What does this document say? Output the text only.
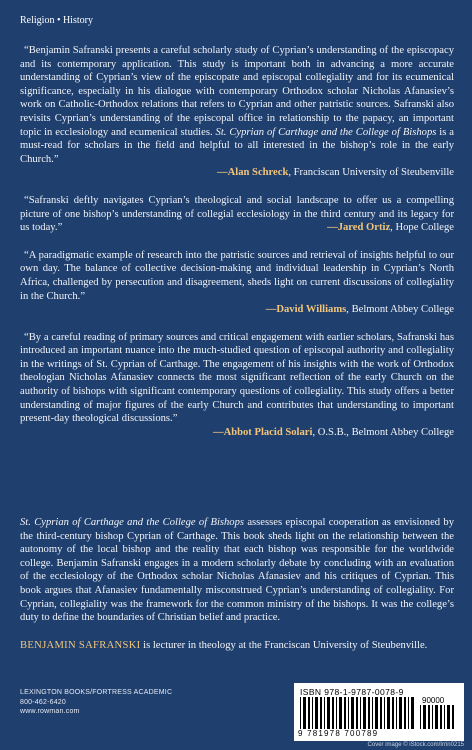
Religion • History

“Benjamin Safranski presents a careful scholarly study of Cyprian’s understanding of the episcopacy and its contemporary application. This study is important both in advancing a more accurate understanding of Cyprian’s view of the episcopate and episcopal collegiality and for its ecumenical significance, especially in his dialogue with contemporary Orthodox scholar Nicholas Afanasiev’s work on Catholic-Orthodox relations that refers to Cyprian and other patristic sources. Safranski also revisits Cyprian’s understanding of the episcopal office in relationship to the papacy, an important topic in ecclesiology and ecumenical studies. St. Cyprian of Carthage and the College of Bishops is a must-read for scholars in the field and helpful to all interested in the bishop’s role in the early Church.”

—Alan Schreck, Franciscan University of Steubenville

“Safranski deftly navigates Cyprian’s theological and social landscape to offer us a compelling picture of one bishop’s understanding of collegial ecclesiology in the third century and its legacy for us today.”	—Jared Ortiz, Hope College

“A paradigmatic example of research into the patristic sources and retrieval of insights helpful to our own day. The balance of collective decision-making and individual leadership in Cyprian’s North Africa, challenged by persecution and disagreement, sheds light on current discussions of collegiality in the Church.”

—David Williams, Belmont Abbey College

“By a careful reading of primary sources and critical engagement with earlier scholars, Safranski has introduced an important nuance into the much-studied question of episcopal authority and collegiality in the writings of St. Cyprian of Carthage. The engagement of his insights with the work of Orthodox theologian Nicholas Afanasiev connects the most significant reflection of the early Church on the authority of bishops with significant contemporary questions of collegiality. This study offers a better understanding of major figures of the early Church and contributes that understanding to important present-day theological discussions.”

—Abbot Placid Solari, O.S.B., Belmont Abbey College

St. Cyprian of Carthage and the College of Bishops assesses episcopal cooperation as envisioned by the third-century bishop Cyprian of Carthage. This book sheds light on the relationship between the autonomy of the local bishop and the reality that each bishop was responsible for the worldwide college. Benjamin Safranski engages in a modern scholarly debate by concluding with an evaluation of the ecclesiology of the Orthodox scholar Nicholas Afanasiev and his critiques of Cyprian. This book argues that Afanasiev fundamentally misconstrued Cyprian’s understanding of collegiality. For Cyprian, collegiality was the framework for the common ministry of the bishops. It was the college’s duty to define the boundaries of Christian belief and practice.

BENJAMIN SAFRANSKI is lecturer in theology at the Franciscan University of Steubenville.

LEXINGTON BOOKS/FORTRESS ACADEMIC
800-462-6420
www.rowman.com
ISBN 978-1-9787-0078-9
90000
9 781978 700789
Cover image © iStock.com/Irrin0215
